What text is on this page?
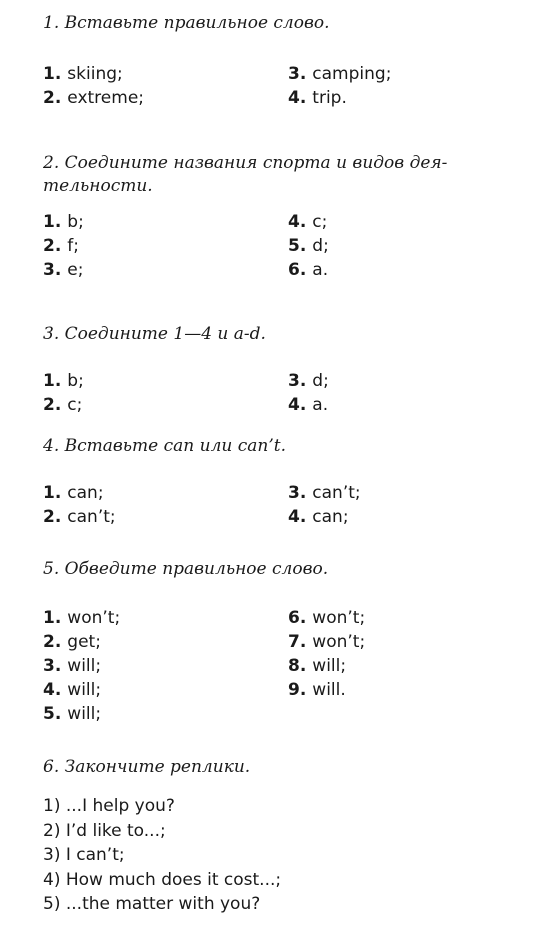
1. Вставьте правильное слово.
1. skiing;	3. camping;
2. extreme;	4. trip.
2. Соедините названия спорта и видов дея-тельности.
1. b;	4. c;
2. f;	5. d;
3. e;	6. a.
3. Соедините 1—4 и a-d.
1. b;	3. d;
2. c;	4. a.
4. Вставьте can или can’t.
1. can;	3. can’t;
2. can’t;	4. can;
5. Обведите правильное слово.
1. won’t;	6. won’t;
2. get;	7. won’t;
3. will;	8. will;
4. will;	9. will.
5. will;
6. Закончите реплики.
1) ...I help you?
2) I’d like to...;
3) I can’t;
4) How much does it cost...;
5) ...the matter with you?
